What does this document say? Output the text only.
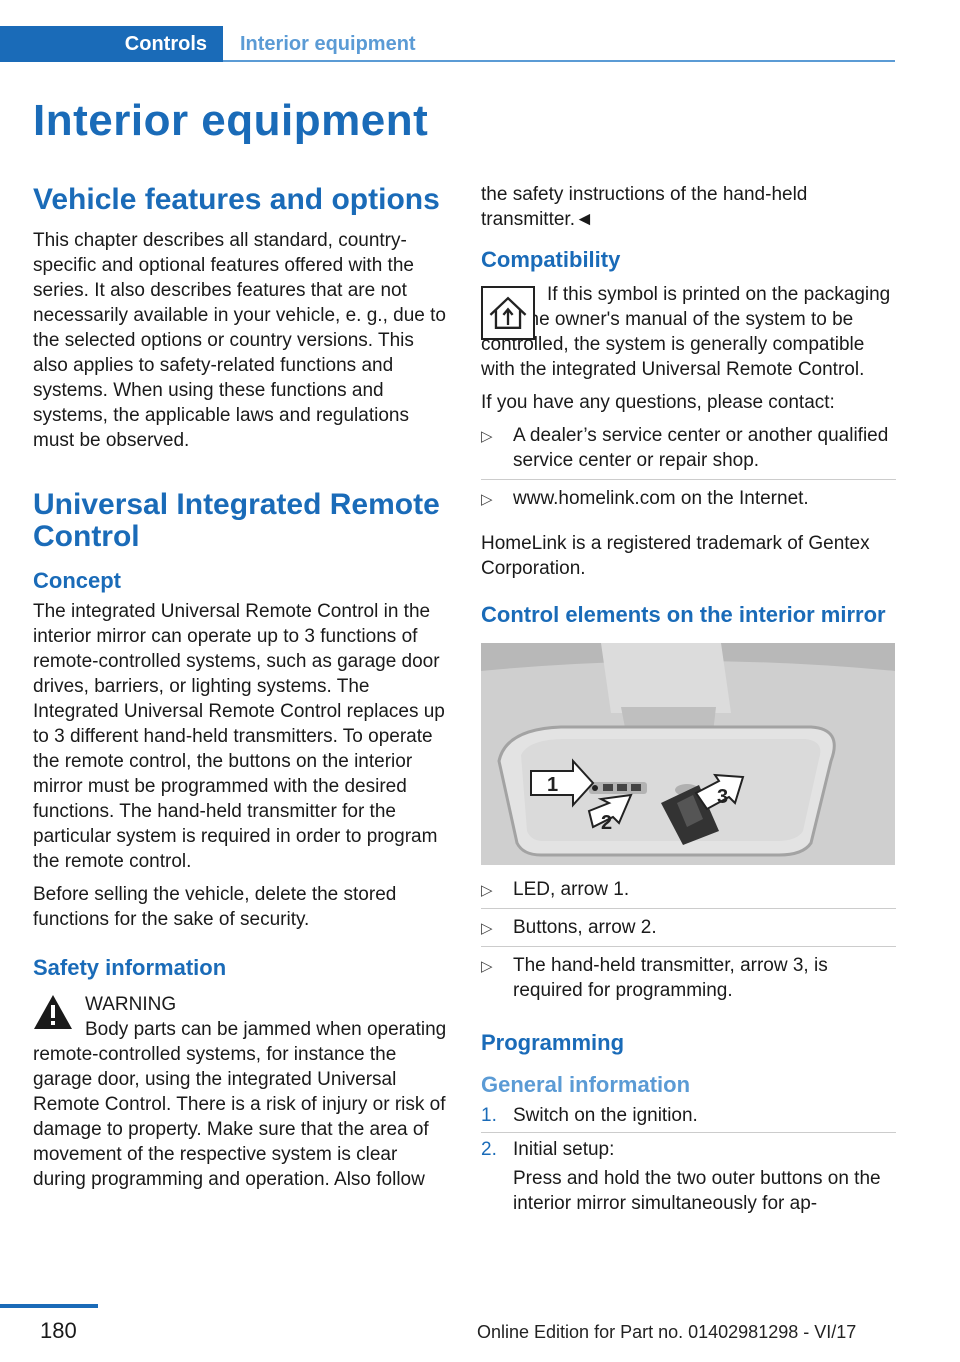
Controls	Interior equipment
Interior equipment
Vehicle features and options

This chapter describes all standard, country-specific and optional features offered with the series. It also describes features that are not necessarily available in your vehicle, e. g., due to the selected options or country versions. This also applies to safety-related functions and systems. When using these functions and systems, the applicable laws and regulations must be observed.

Universal Integrated Remote Control
Concept

The integrated Universal Remote Control in the interior mirror can operate up to 3 functions of remote-controlled systems, such as garage door drives, barriers, or lighting systems. The Integrated Universal Remote Control replaces up to 3 different hand-held transmitters. To operate the remote control, the buttons on the interior mirror must be programmed with the desired functions. The hand-held transmitter for the particular system is required in order to program the remote control.

Before selling the vehicle, delete the stored functions for the sake of security.

Safety information
WARNING

Body parts can be jammed when operating remote-controlled systems, for instance the garage door, using the integrated Universal Remote Control. There is a risk of injury or risk of damage to property. Make sure that the area of movement of the respective system is clear during programming and operation. Also follow

the safety instructions of the hand-held transmitter.◄

Compatibility

If this symbol is printed on the packaging or in the owner's manual of the system to be controlled, the system is generally compatible with the integrated Universal Remote Control.

If you have any questions, please contact:

▷ A dealer’s service center or another qualified service center or repair shop.
▷ www.homelink.com on the Internet.

HomeLink is a registered trademark of Gentex Corporation.

Control elements on the interior mirror
1
2
3
▷ LED, arrow 1.
▷ Buttons, arrow 2.
▷ The hand-held transmitter, arrow 3, is required for programming.
Programming
General information
1. Switch on the ignition.
2. Initial setup:
Press and hold the two outer buttons on the interior mirror simultaneously for ap-
180	Online Edition for Part no. 01402981298 - VI/17
